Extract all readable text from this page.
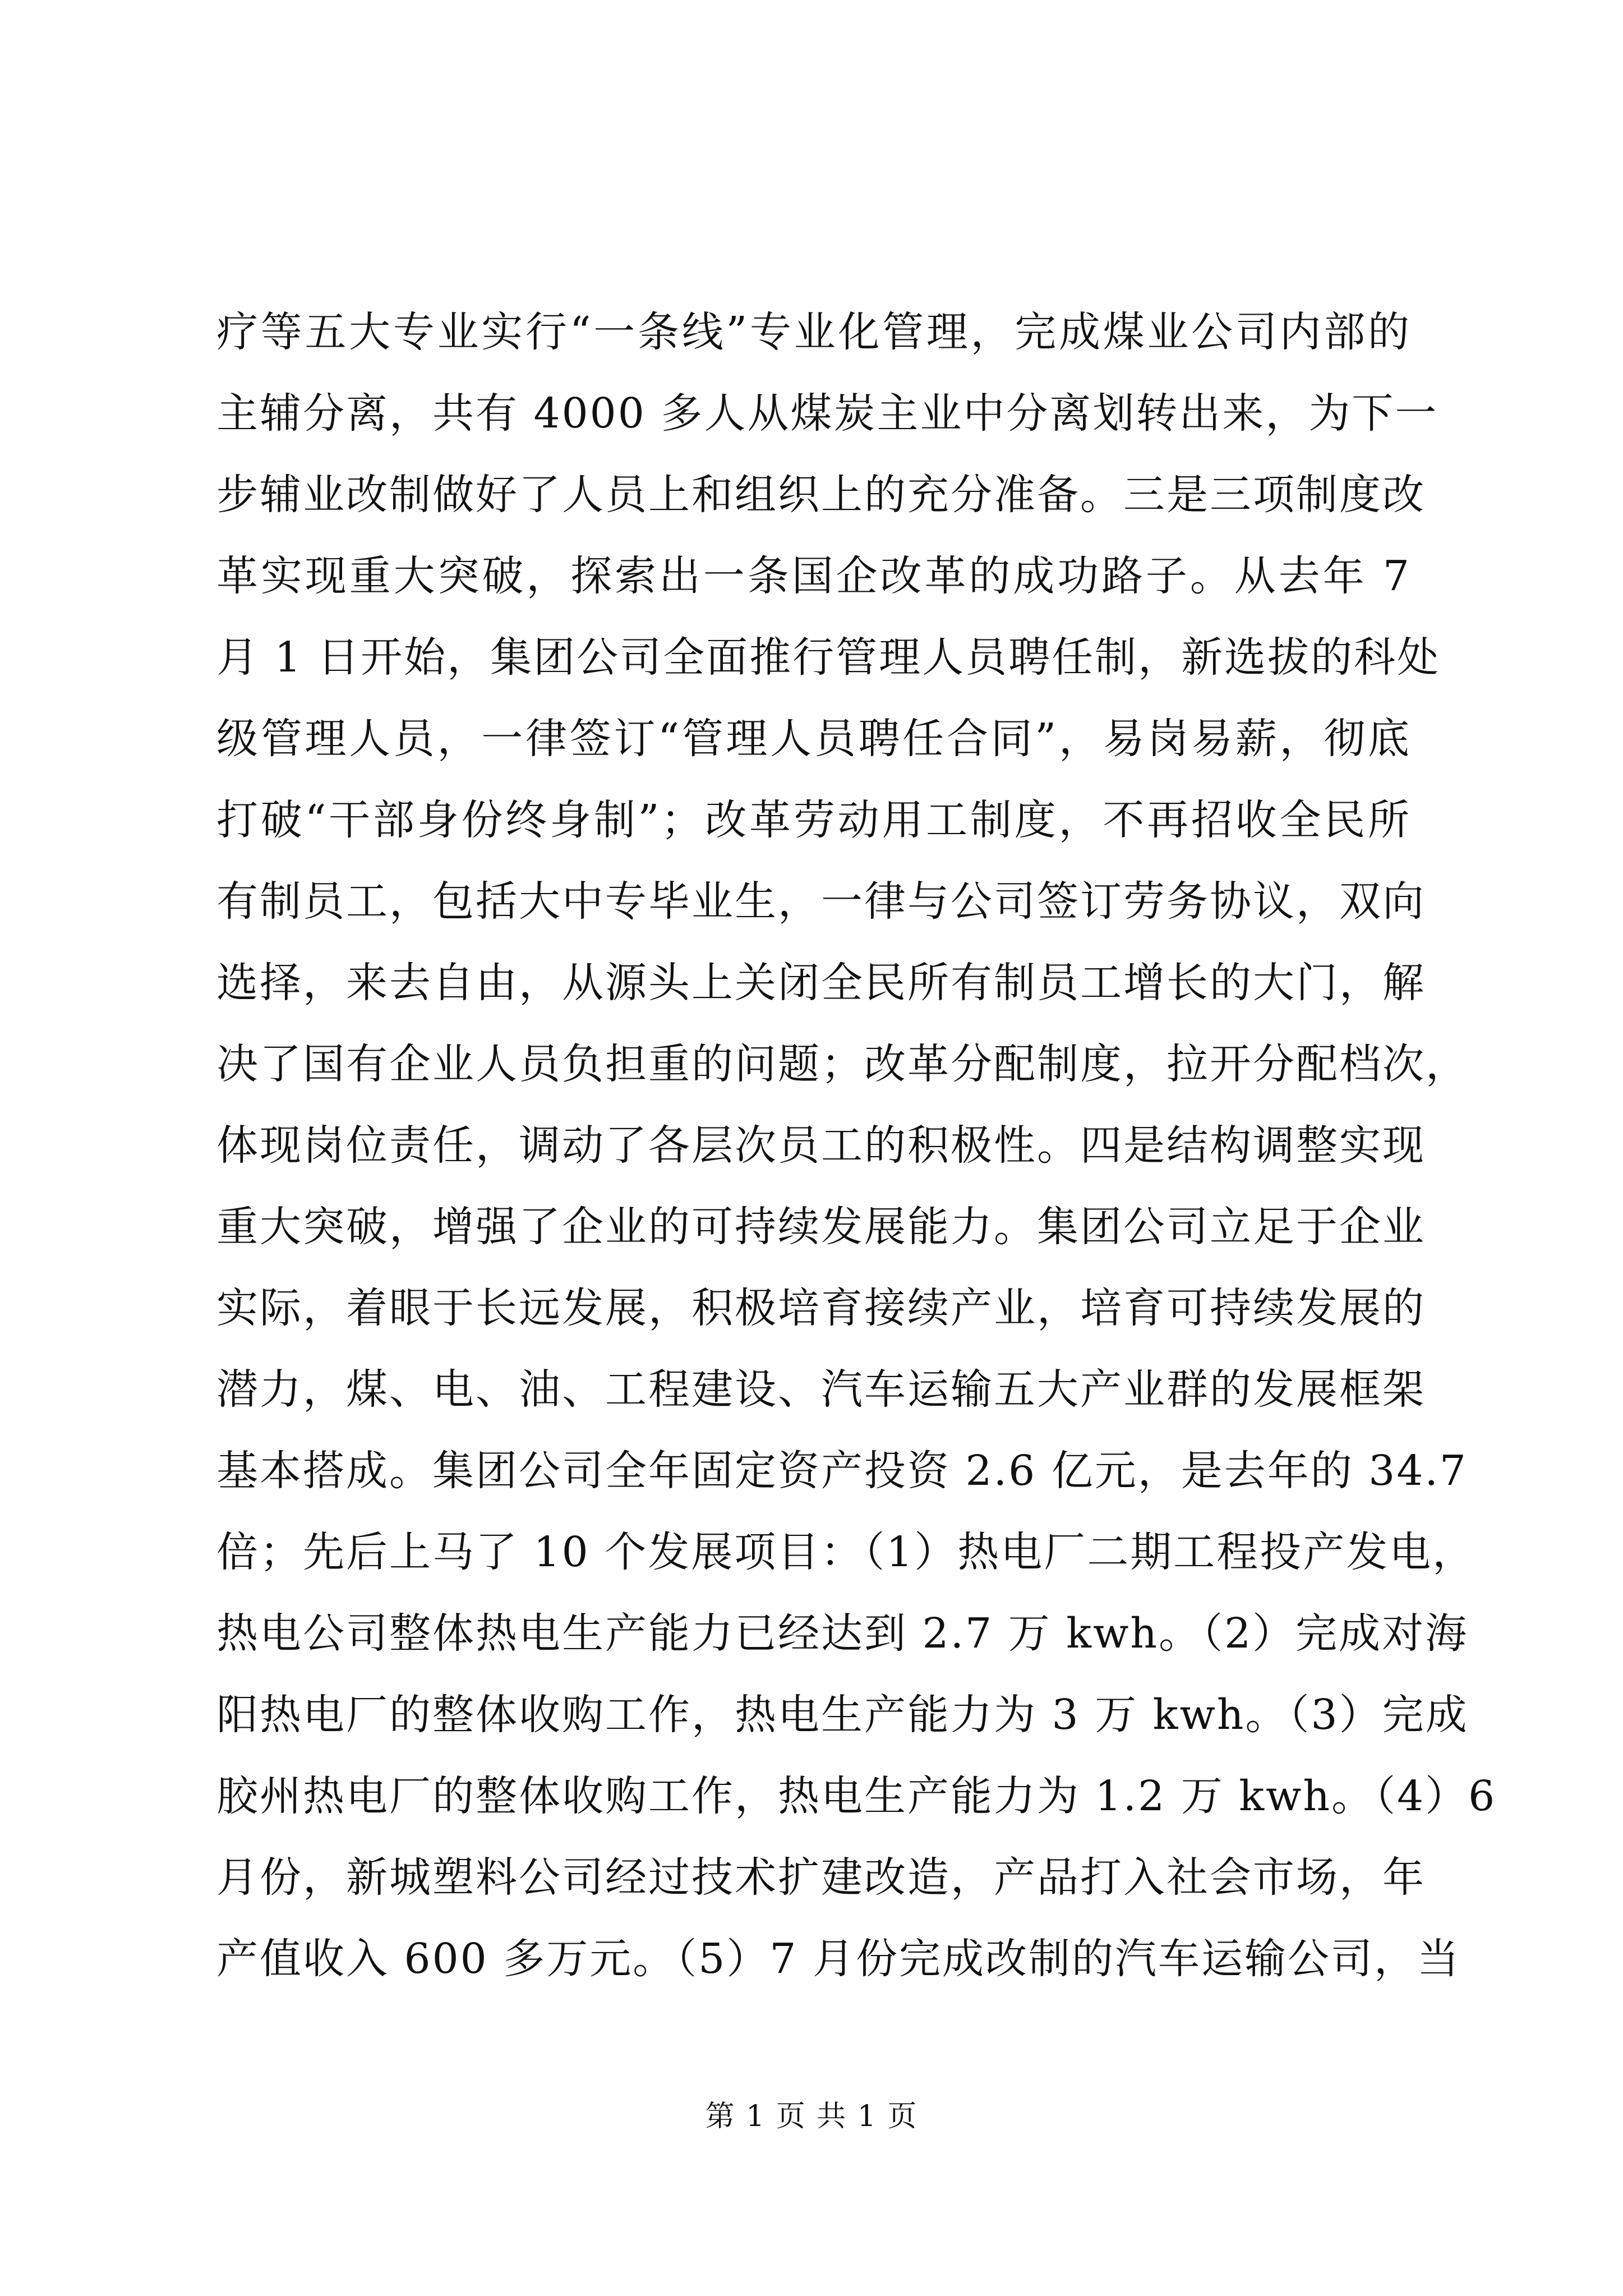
疗等五大专业实行“一条线”专业化管理，完成煤业公司内部的
主辅分离，共有 4000 多人从煤炭主业中分离划转出来，为下一
步辅业改制做好了人员上和组织上的充分准备。三是三项制度改
革实现重大突破，探索出一条国企改革的成功路子。从去年 7
月 1 日开始，集团公司全面推行管理人员聘任制，新选拔的科处
级管理人员，一律签订“管理人员聘任合同”，易岗易薪，彻底
打破“干部身份终身制”；改革劳动用工制度，不再招收全民所
有制员工，包括大中专毕业生，一律与公司签订劳务协议，双向
选择，来去自由，从源头上关闭全民所有制员工增长的大门，解
决了国有企业人员负担重的问题；改革分配制度，拉开分配档次，
体现岗位责任，调动了各层次员工的积极性。四是结构调整实现
重大突破，增强了企业的可持续发展能力。集团公司立足于企业
实际，着眼于长远发展，积极培育接续产业，培育可持续发展的
潜力，煤、电、油、工程建设、汽车运输五大产业群的发展框架
基本搭成。集团公司全年固定资产投资 2.6 亿元，是去年的 34.7
倍；先后上马了 10 个发展项目：（1）热电厂二期工程投产发电，
热电公司整体热电生产能力已经达到 2.7 万 kwh。（2）完成对海
阳热电厂的整体收购工作，热电生产能力为 3 万 kwh。（3）完成
胶州热电厂的整体收购工作，热电生产能力为 1.2 万 kwh。（4）6
月份，新城塑料公司经过技术扩建改造，产品打入社会市场，年
产值收入 600 多万元。（5）7 月份完成改制的汽车运输公司，当
第 1 页 共 1 页
